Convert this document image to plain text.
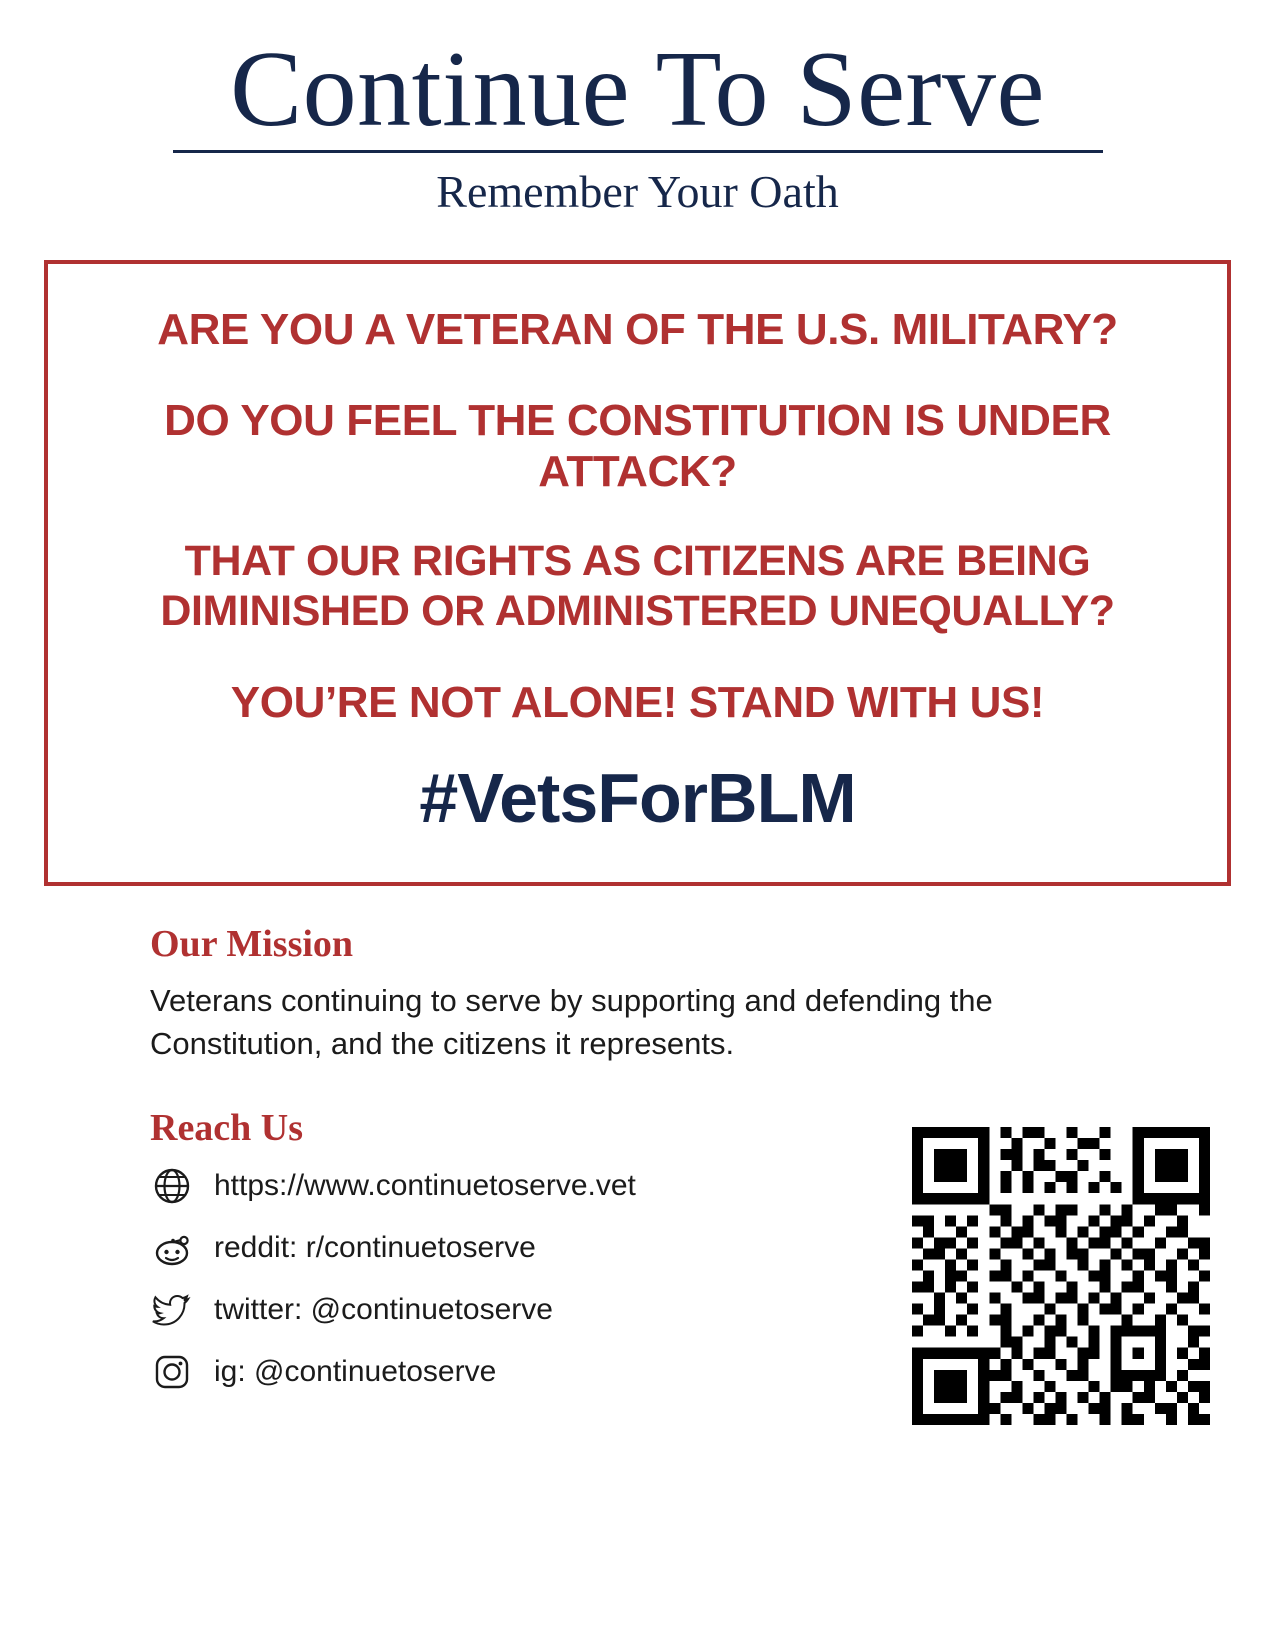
Continue To Serve

Remember Your Oath

ARE YOU A VETERAN OF THE U.S. MILITARY?

DO YOU FEEL THE CONSTITUTION IS UNDER ATTACK?

THAT OUR RIGHTS AS CITIZENS ARE BEING DIMINISHED OR ADMINISTERED UNEQUALLY?

YOU’RE NOT ALONE! STAND WITH US!

#VetsForBLM

Our Mission

Veterans continuing to serve by supporting and defending the Constitution, and the citizens it represents.

Reach Us
https://www.continuetoserve.vet
reddit: r/continuetoserve
twitter: @continuetoserve
ig: @continuetoserve
